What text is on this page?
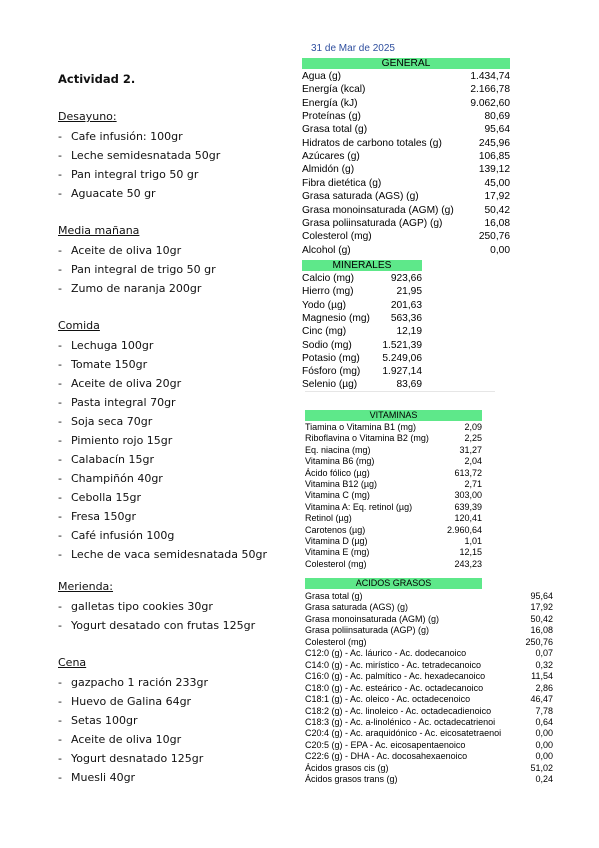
Actividad 2.
Desayuno:
- Cafe infusión: 100gr
- Leche semidesnatada 50gr
- Pan integral trigo 50 gr
- Aguacate 50 gr
Media mañana
- Aceite de oliva 10gr
- Pan integral de trigo 50 gr
- Zumo de naranja 200gr
Comida
- Lechuga 100gr
- Tomate 150gr
- Aceite de oliva 20gr
- Pasta integral 70gr
- Soja seca 70gr
- Pimiento rojo 15gr
- Calabacín 15gr
- Champiñón 40gr
- Cebolla 15gr
- Fresa 150gr
- Café infusión 100g
- Leche de vaca semidesnatada 50gr
Merienda:
- galletas tipo cookies 30gr
- Yogurt desatado con frutas 125gr
Cena
- gazpacho 1 ración 233gr
- Huevo de Galina 64gr
- Setas 100gr
- Aceite de oliva 10gr
- Yogurt desnatado 125gr
- Muesli 40gr
31 de Mar de 2025
GENERAL
Agua (g)	1.434,74
Energía (kcal)	2.166,78
Energía (kJ)	9.062,60
Proteínas (g)	80,69
Grasa total (g)	95,64
Hidratos de carbono totales (g)	245,96
Azúcares (g)	106,85
Almidón (g)	139,12
Fibra dietética (g)	45,00
Grasa saturada (AGS) (g)	17,92
Grasa monoinsaturada (AGM) (g)	50,42
Grasa poliinsaturada (AGP) (g)	16,08
Colesterol (mg)	250,76
Alcohol (g)	0,00
MINERALES
Calcio (mg)	923,66
Hierro (mg)	21,95
Yodo (µg)	201,63
Magnesio (mg) 563,36
Cinc (mg)	12,19
Sodio (mg)	1.521,39
Potasio (mg) 5.249,06
Fósforo (mg) 1.927,14
Selenio (µg)	83,69
VITAMINAS
Tiamina o Vitamina B1 (mg)	2,09
Riboflavina o Vitamina B2 (mg)	2,25
Eq. niacina (mg)	31,27
Vitamina B6 (mg)	2,04
Ácido fólico (µg)	613,72
Vitamina B12 (µg)	2,71
Vitamina C (mg)	303,00
Vitamina A: Eq. retinol (µg)	639,39
Retinol (µg)	120,41
Carotenos (µg)	2.960,64
Vitamina D (µg)	1,01
Vitamina E (mg)	12,15
Colesterol (mg)	243,23
ACIDOS GRASOS
Grasa total (g)	95,64
Grasa saturada (AGS) (g)	17,92
Grasa monoinsaturada (AGM) (g)	50,42
Grasa poliinsaturada (AGP) (g)	16,08
Colesterol (mg)	250,76
C12:0 (g) - Ac. láurico - Ac. dodecanoico	0,07
C14:0 (g) - Ac. mirístico - Ac. tetradecanoico	0,32
C16:0 (g) - Ac. palmítico - Ac. hexadecanoico	11,54
C18:0 (g) - Ac. esteárico - Ac. octadecanoico	2,86
C18:1 (g) - Ac. oleico - Ac. octadecenoico	46,47
C18:2 (g) - Ac. linoleico - Ac. octadecadienoico	7,78
C18:3 (g) - Ac. a-linolénico - Ac. octadecatrienoi	0,64
C20:4 (g) - Ac. araquidónico - Ac. eicosatetraenoi	0,00
C20:5 (g) - EPA - Ac. eicosapentaenoico	0,00
C22:6 (g) - DHA - Ac. docosahexaenoico	0,00
Ácidos grasos cis (g)	51,02
Ácidos grasos trans (g)	0,24
